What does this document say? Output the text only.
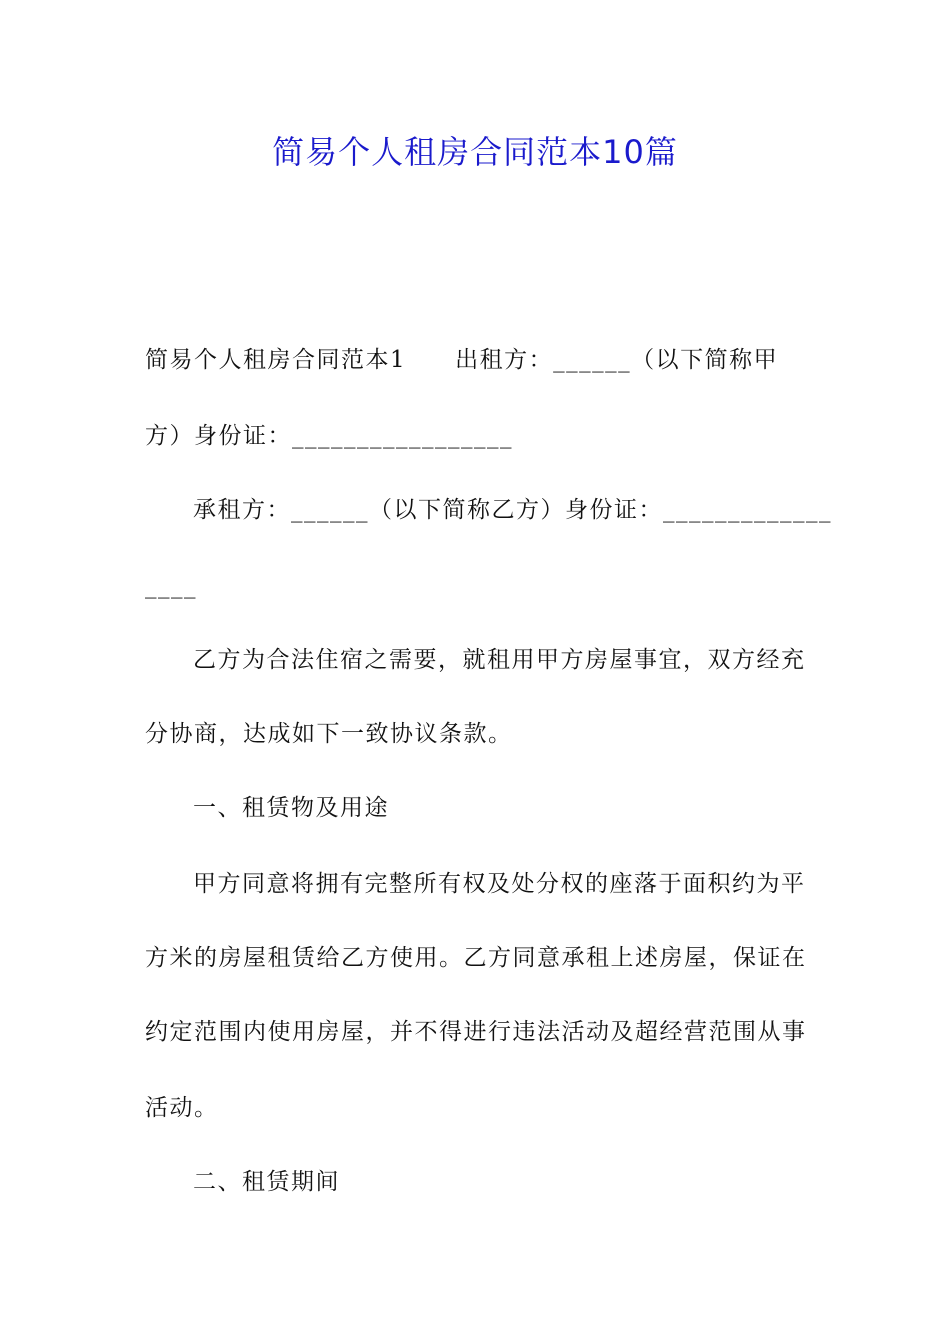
简易个人租房合同范本10篇
简易个人租房合同范本1　　出租方：______（以下简称甲
方）身份证：_________________
承租方：______（以下简称乙方）身份证：_____________
____
乙方为合法住宿之需要，就租用甲方房屋事宜，双方经充
分协商，达成如下一致协议条款。
一、租赁物及用途
甲方同意将拥有完整所有权及处分权的座落于面积约为平
方米的房屋租赁给乙方使用。乙方同意承租上述房屋，保证在
约定范围内使用房屋，并不得进行违法活动及超经营范围从事
活动。
二、租赁期间
